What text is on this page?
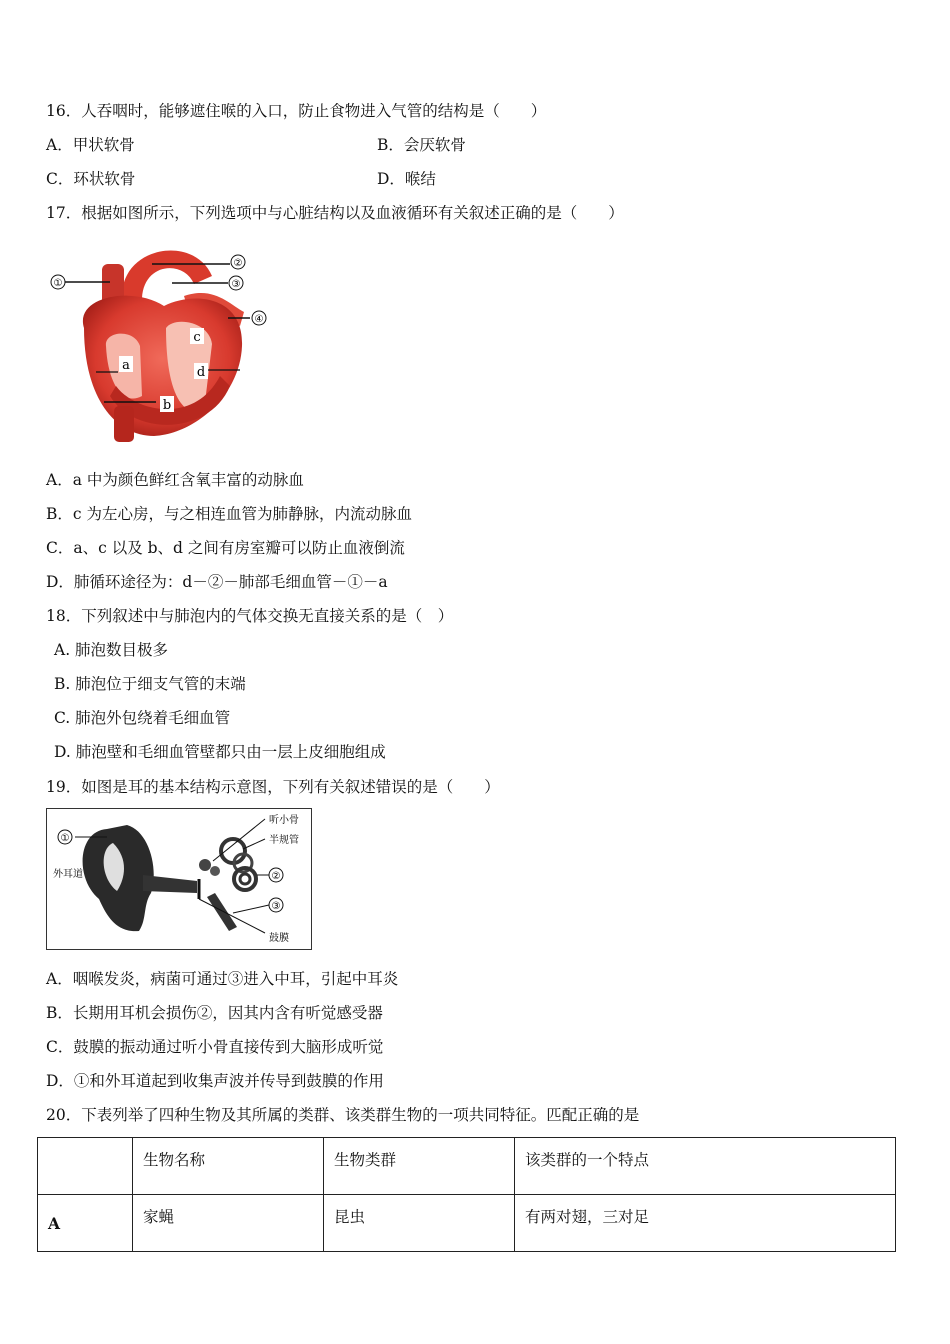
16．人吞咽时，能够遮住喉的入口，防止食物进入气管的结构是（　　）
A．甲状软骨	B．会厌软骨
C．环状软骨	D．喉结
17．根据如图所示，下列选项中与心脏结构以及血液循环有关叙述正确的是（　　）
①
②
③
④
a
b
c
d
A．a 中为颜色鲜红含氧丰富的动脉血
B．c 为左心房，与之相连血管为肺静脉，内流动脉血
C．a、c 以及 b、d 之间有房室瓣可以防止血液倒流
D．肺循环途径为：d－②－肺部毛细血管－①－a
18．下列叙述中与肺泡内的气体交换无直接关系的是（　）
A. 肺泡数目极多
B. 肺泡位于细支气管的末端
C. 肺泡外包绕着毛细血管
D. 肺泡壁和毛细血管壁都只由一层上皮细胞组成
19．如图是耳的基本结构示意图，下列有关叙述错误的是（　　）
①
外耳道
听小骨
半规管
②
③
鼓膜
A．咽喉发炎，病菌可通过③进入中耳，引起中耳炎
B．长期用耳机会损伤②，因其内含有听觉感受器
C．鼓膜的振动通过听小骨直接传到大脑形成听觉
D．①和外耳道起到收集声波并传导到鼓膜的作用
20．下表列举了四种生物及其所属的类群、该类群生物的一项共同特征。匹配正确的是
	生物名称	生物类群	该类群的一个特点
A	家蝇	昆虫	有两对翅，三对足
